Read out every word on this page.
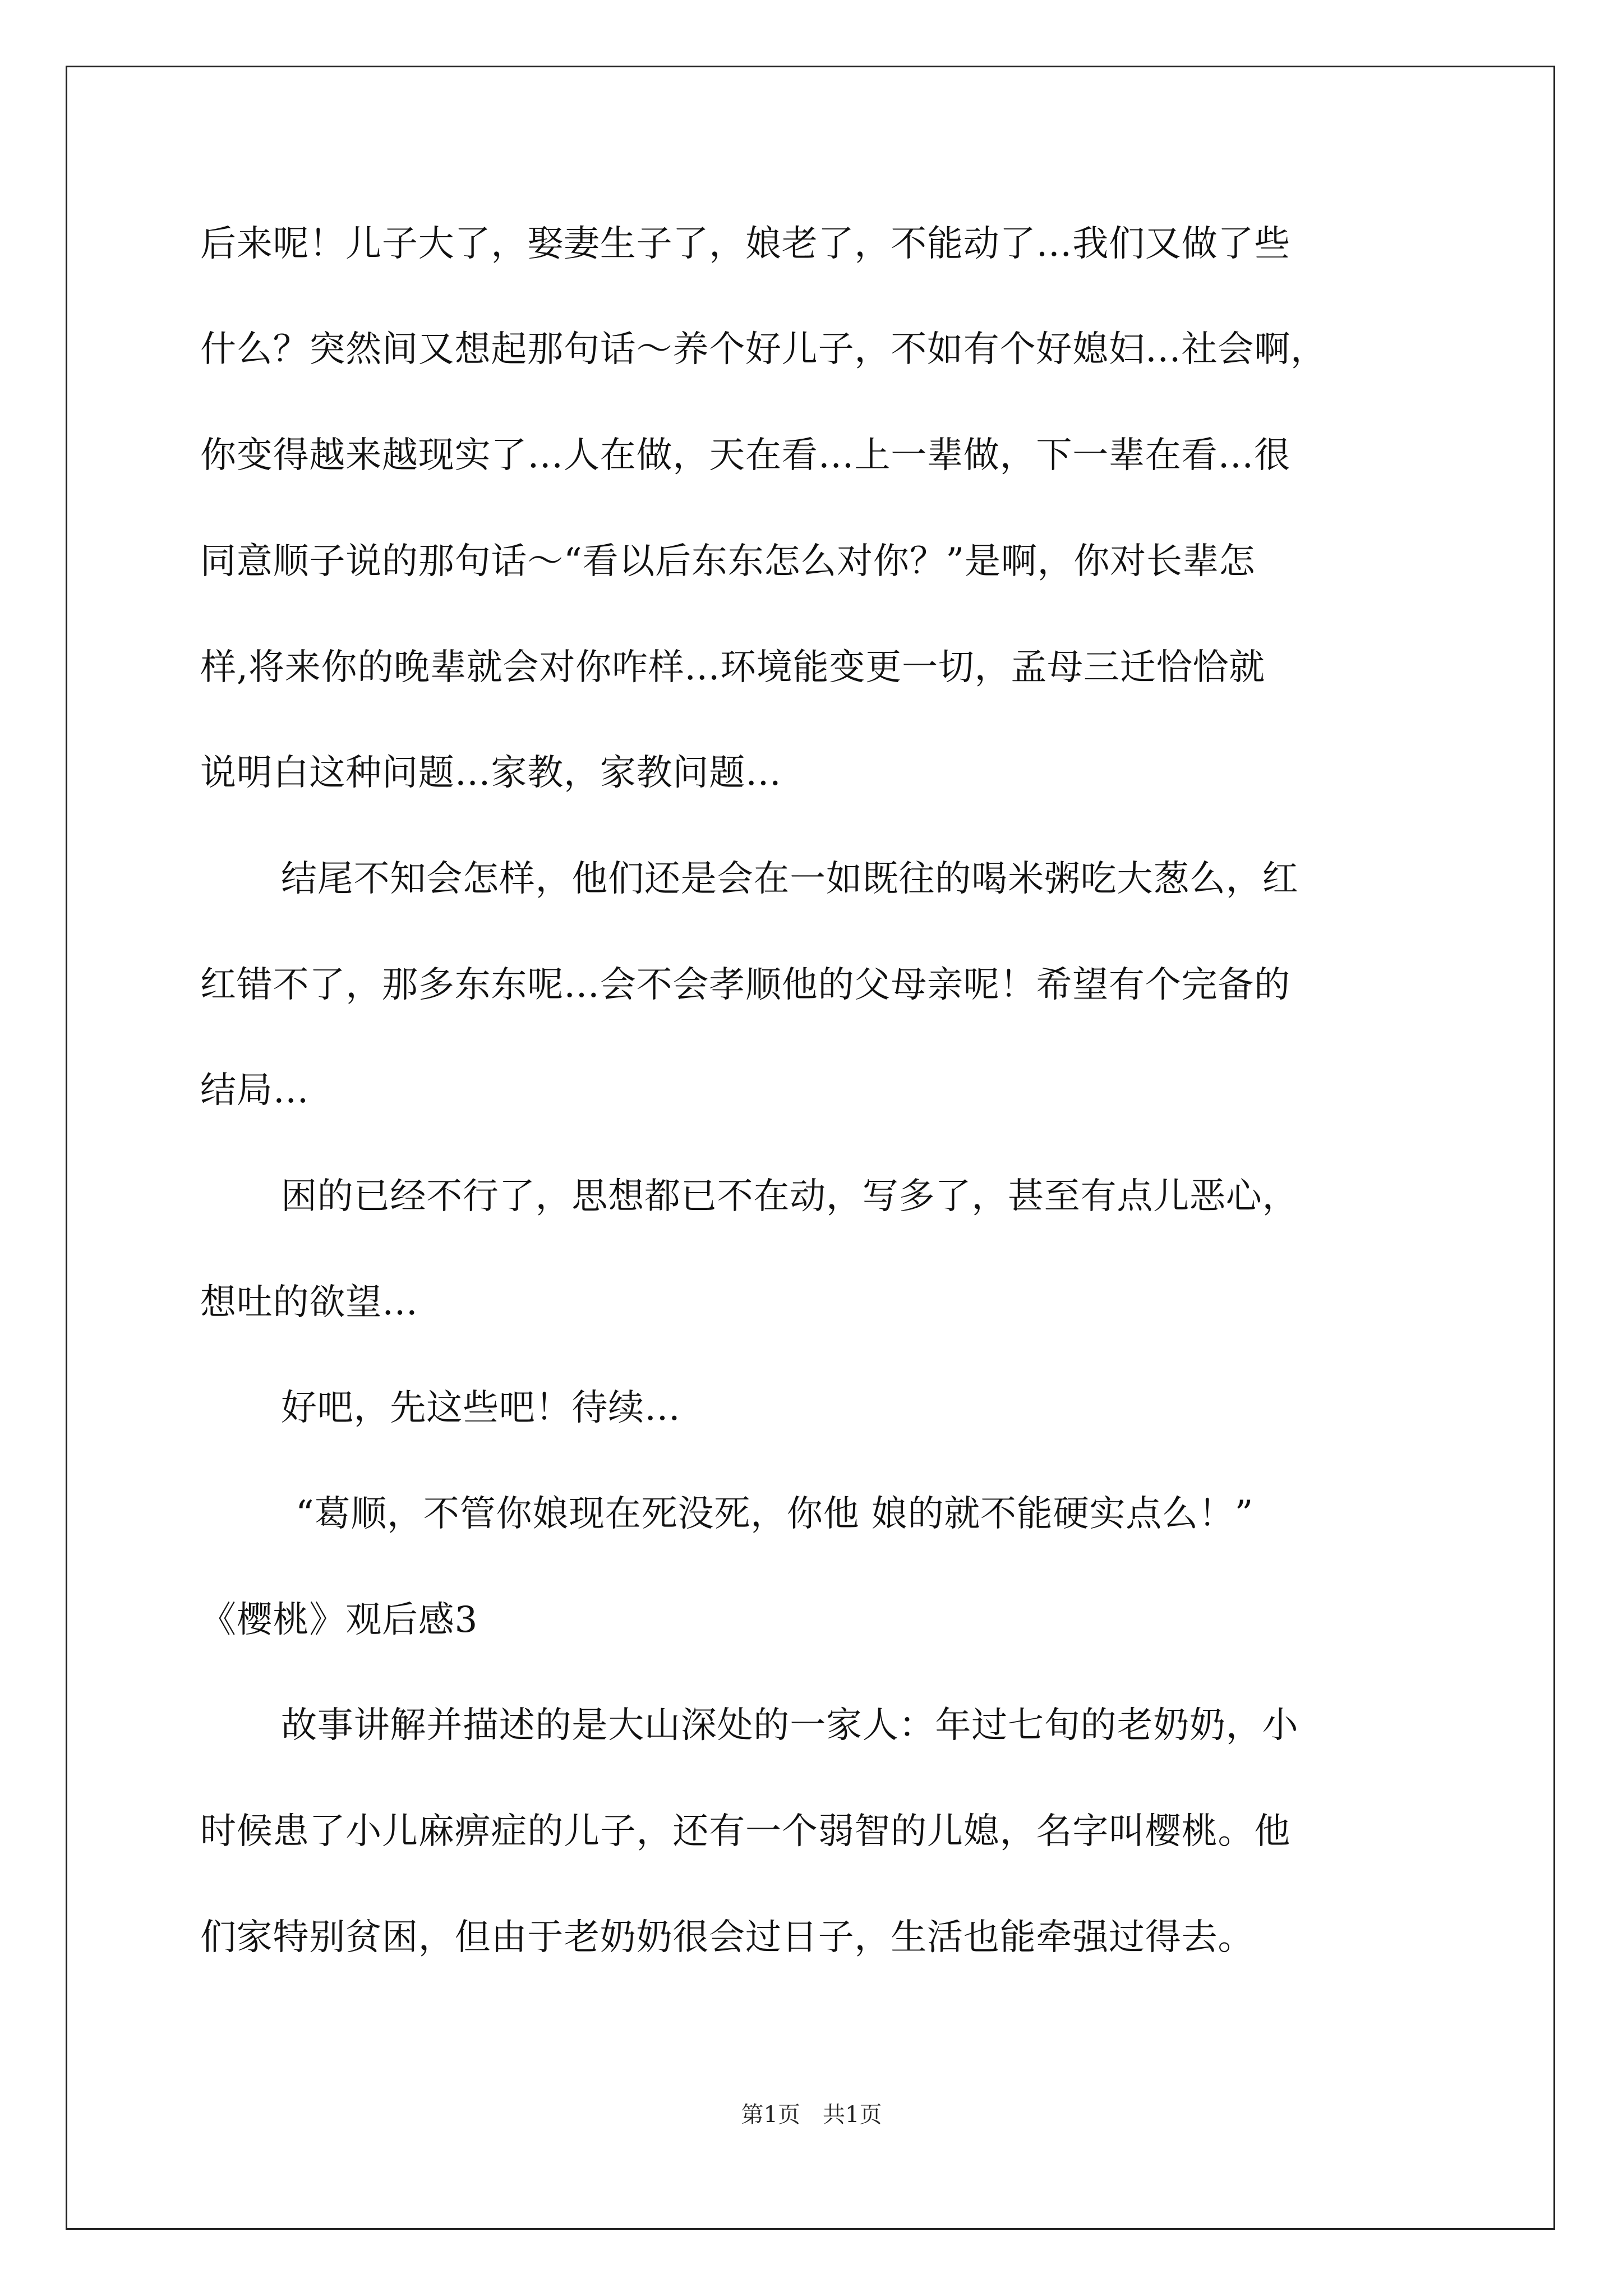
后来呢！儿子大了，娶妻生子了，娘老了，不能动了…我们又做了些
什么？突然间又想起那句话～养个好儿子，不如有个好媳妇…社会啊，
你变得越来越现实了…人在做，天在看…上一辈做，下一辈在看…很
同意顺子说的那句话～“看以后东东怎么对你？”是啊，你对长辈怎
样,将来你的晚辈就会对你咋样...环境能变更一切，孟母三迁恰恰就
说明白这种问题…家教，家教问题…
结尾不知会怎样，他们还是会在一如既往的喝米粥吃大葱么，红
红错不了，那多东东呢…会不会孝顺他的父母亲呢！希望有个完备的
结局…
困的已经不行了，思想都已不在动，写多了，甚至有点儿恶心，
想吐的欲望…
好吧，先这些吧！待续…
“葛顺，不管你娘现在死没死，你他 娘的就不能硬实点么！”
《樱桃》观后感3
故事讲解并描述的是大山深处的一家人：年过七旬的老奶奶，小
时候患了小儿麻痹症的儿子，还有一个弱智的儿媳，名字叫樱桃。他
们家特别贫困，但由于老奶奶很会过日子，生活也能牵强过得去。
第1页　共1页
